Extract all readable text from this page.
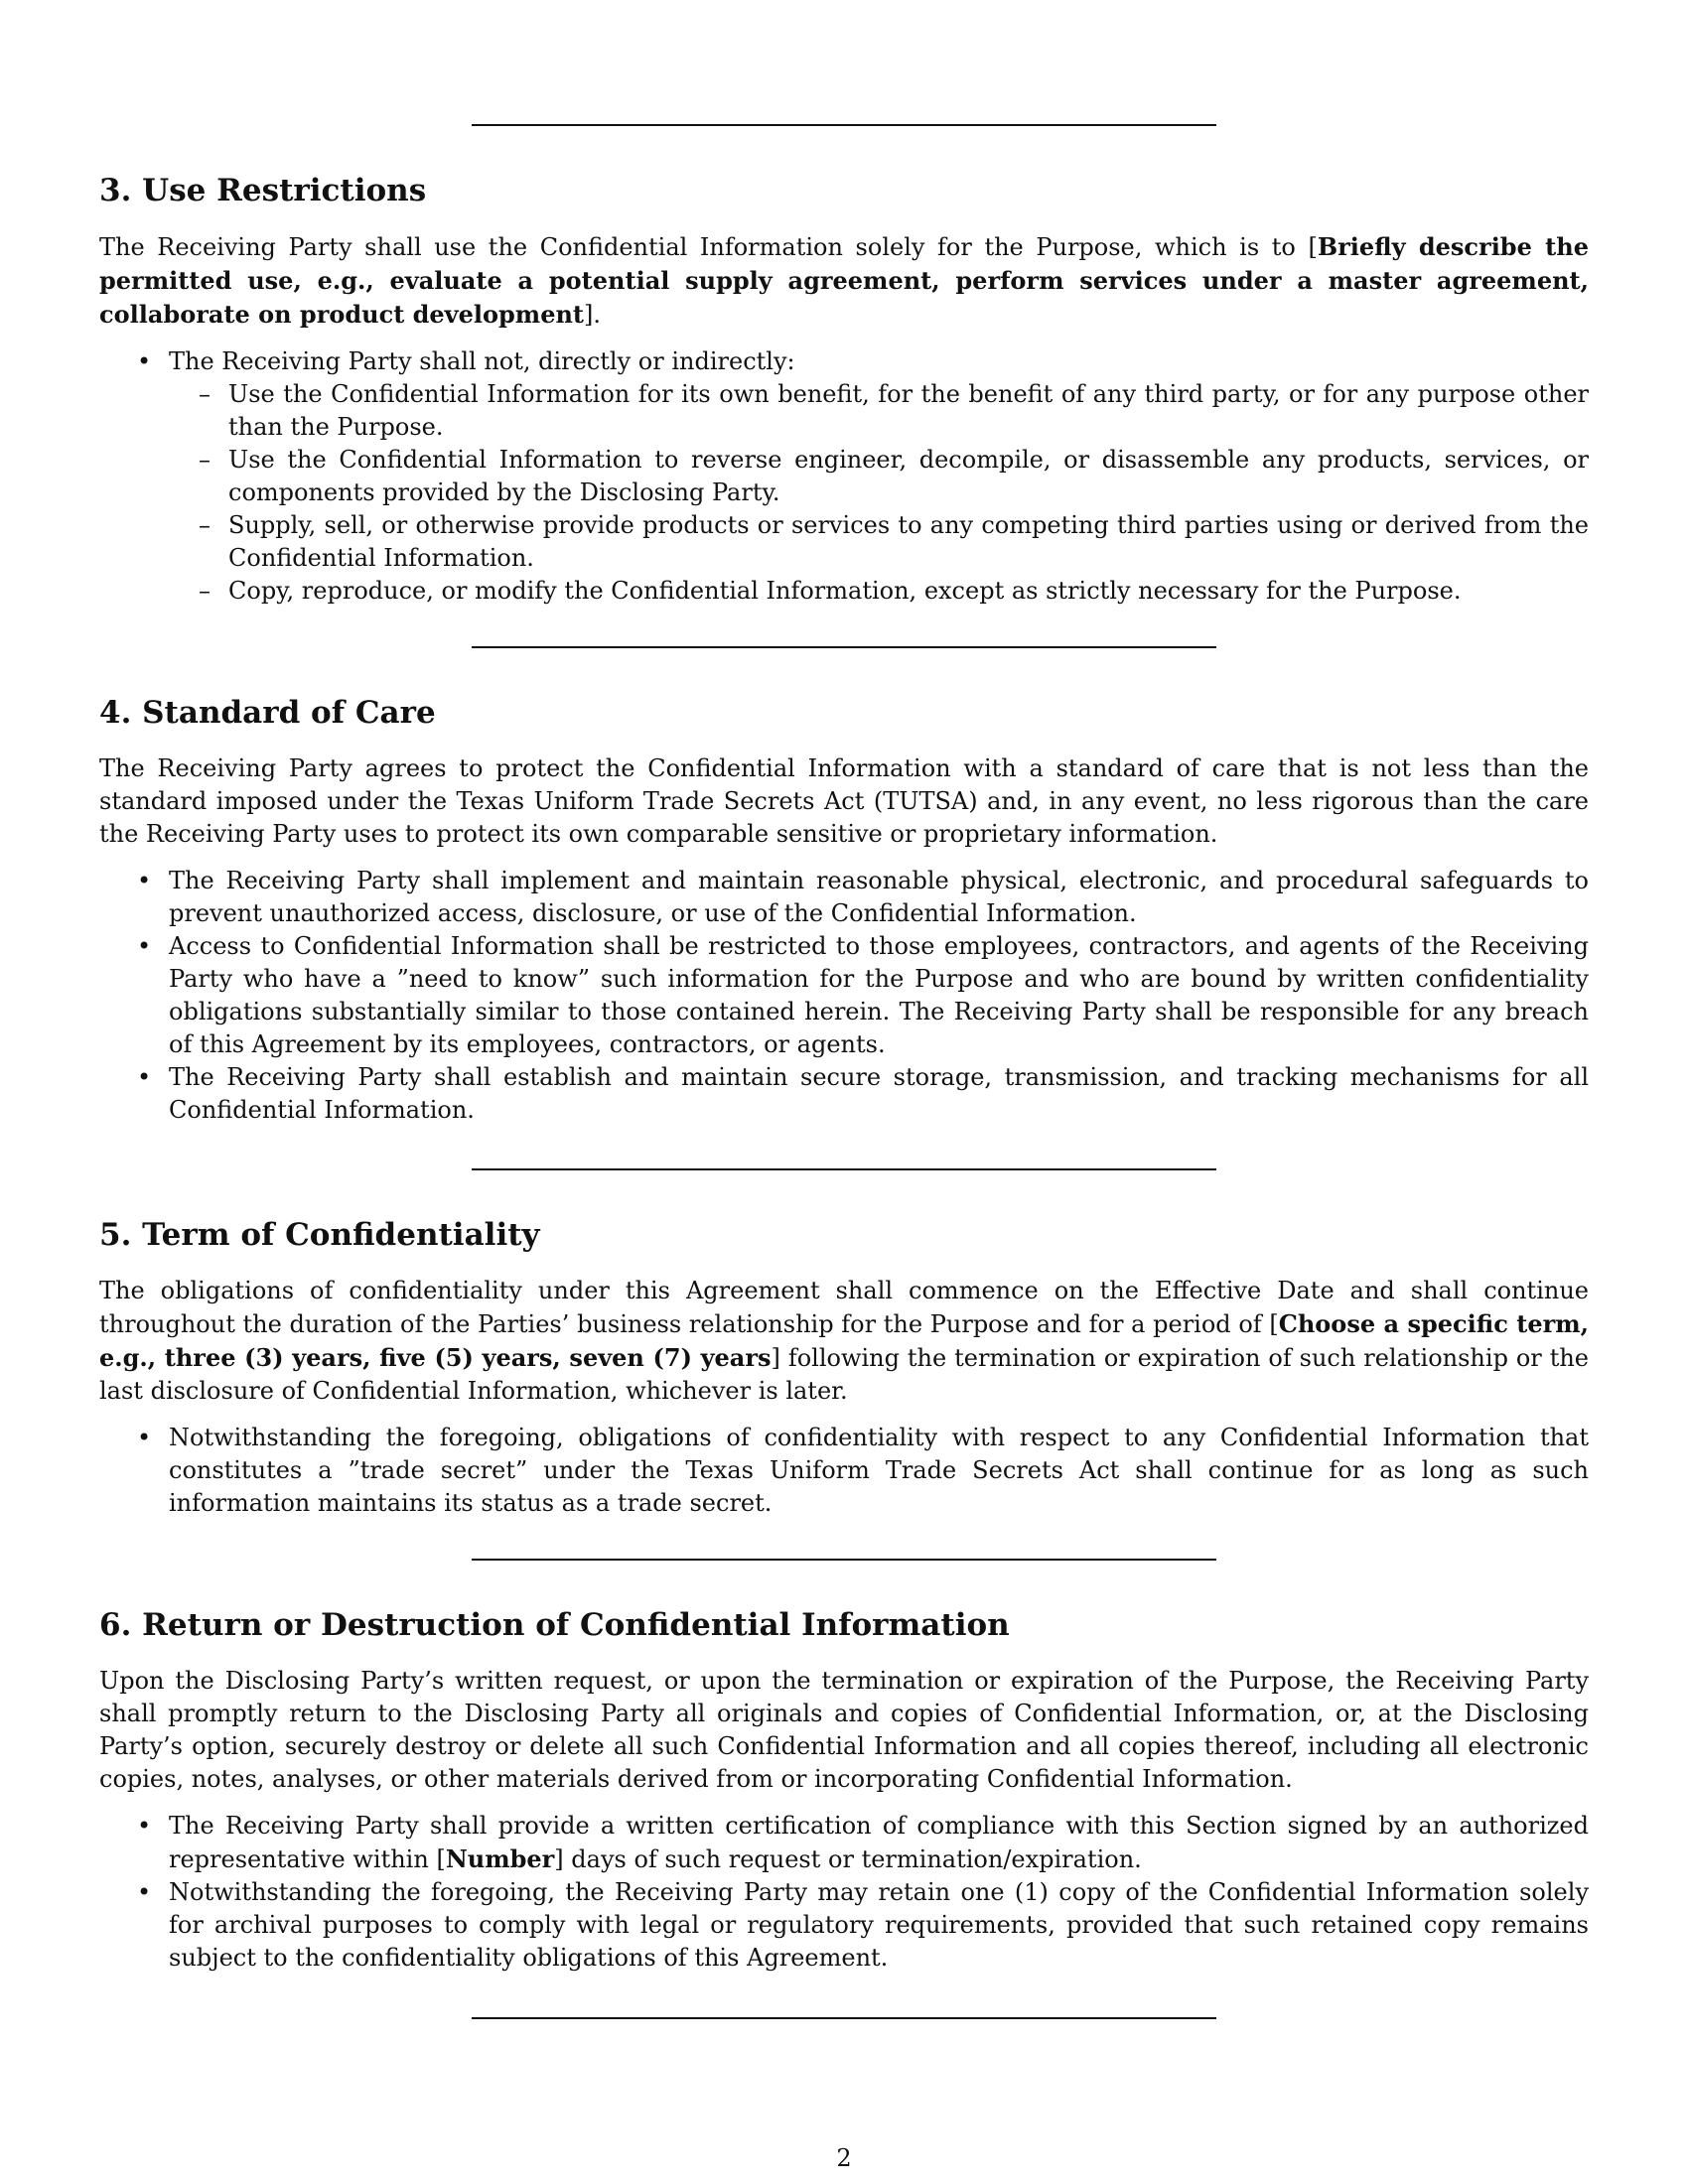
3. Use Restrictions

The Receiving Party shall use the Confidential Information solely for the Purpose, which is to [Briefly describe the permitted use, e.g., evaluate a potential supply agreement, perform services under a master agreement, collaborate on product development].

• The Receiving Party shall not, directly or indirectly:
– Use the Confidential Information for its own benefit, for the benefit of any third party, or for any purpose other than the Purpose.
– Use the Confidential Information to reverse engineer, decompile, or disassemble any products, services, or components provided by the Disclosing Party.
– Supply, sell, or otherwise provide products or services to any competing third parties using or derived from the Confidential Information.
– Copy, reproduce, or modify the Confidential Information, except as strictly necessary for the Purpose.
4. Standard of Care

The Receiving Party agrees to protect the Confidential Information with a standard of care that is not less than the standard imposed under the Texas Uniform Trade Secrets Act (TUTSA) and, in any event, no less rigorous than the care the Receiving Party uses to protect its own comparable sensitive or proprietary information.

• The Receiving Party shall implement and maintain reasonable physical, electronic, and procedural safeguards to prevent unauthorized access, disclosure, or use of the Confidential Information.
• Access to Confidential Information shall be restricted to those employees, contractors, and agents of the Receiving Party who have a ”need to know” such information for the Purpose and who are bound by written confidentiality obligations substantially similar to those contained herein. The Receiving Party shall be responsible for any breach of this Agreement by its employees, contractors, or agents.
• The Receiving Party shall establish and maintain secure storage, transmission, and tracking mechanisms for all Confidential Information.
5. Term of Confidentiality

The obligations of confidentiality under this Agreement shall commence on the Effective Date and shall continue throughout the duration of the Parties’ business relationship for the Purpose and for a period of [Choose a specific term, e.g., three (3) years, five (5) years, seven (7) years] following the termination or expiration of such relationship or the last disclosure of Confidential Information, whichever is later.

• Notwithstanding the foregoing, obligations of confidentiality with respect to any Confidential Information that constitutes a ”trade secret” under the Texas Uniform Trade Secrets Act shall continue for as long as such information maintains its status as a trade secret.
6. Return or Destruction of Confidential Information

Upon the Disclosing Party’s written request, or upon the termination or expiration of the Purpose, the Receiving Party shall promptly return to the Disclosing Party all originals and copies of Confidential Information, or, at the Disclosing Party’s option, securely destroy or delete all such Confidential Information and all copies thereof, including all electronic copies, notes, analyses, or other materials derived from or incorporating Confidential Information.

• The Receiving Party shall provide a written certification of compliance with this Section signed by an authorized representative within [Number] days of such request or termination/expiration.
• Notwithstanding the foregoing, the Receiving Party may retain one (1) copy of the Confidential Information solely for archival purposes to comply with legal or regulatory requirements, provided that such retained copy remains subject to the confidentiality obligations of this Agreement.
2
